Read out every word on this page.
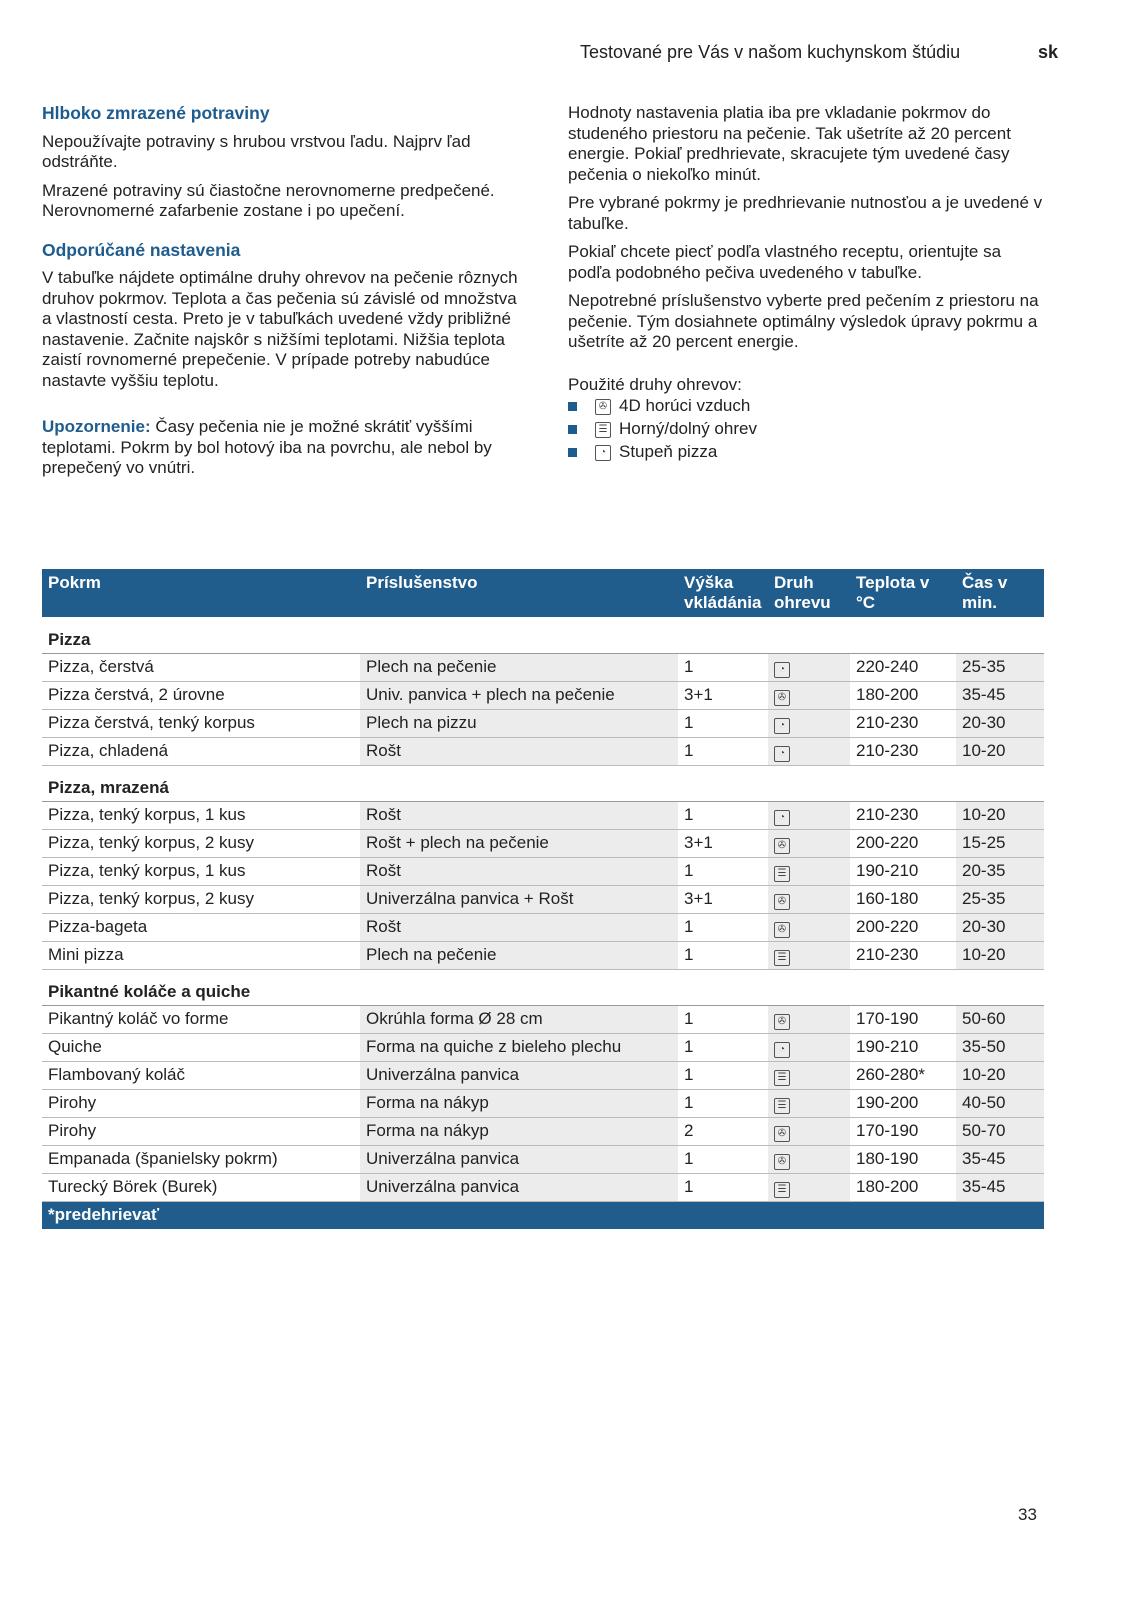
Testované pre Vás v našom kuchynskom štúdiu	sk
Hlboko zmrazené potraviny

Nepoužívajte potraviny s hrubou vrstvou ľadu. Najprv ľad odstráňte.

Mrazené potraviny sú čiastočne nerovnomerne predpečené. Nerovnomerné zafarbenie zostane i po upečení.

Odporúčané nastavenia

V tabuľke nájdete optimálne druhy ohrevov na pečenie rôznych druhov pokrmov. Teplota a čas pečenia sú závislé od množstva a vlastností cesta. Preto je v tabuľkách uvedené vždy približné nastavenie. Začnite najskôr s nižšími teplotami. Nižšia teplota zaistí rovnomerné prepečenie. V prípade potreby nabudúce nastavte vyššiu teplotu.

Upozornenie: Časy pečenia nie je možné skrátiť vyššími teplotami. Pokrm by bol hotový iba na povrchu, ale nebol by prepečený vo vnútri.

Hodnoty nastavenia platia iba pre vkladanie pokrmov do studeného priestoru na pečenie. Tak ušetríte až 20 percent energie. Pokiaľ predhrievate, skracujete tým uvedené časy pečenia o niekoľko minút.

Pre vybrané pokrmy je predhrievanie nutnosťou a je uvedené v tabuľke.

Pokiaľ chcete piecť podľa vlastného receptu, orientujte sa podľa podobného pečiva uvedeného v tabuľke.

Nepotrebné príslušenstvo vyberte pred pečením z priestoru na pečenie. Tým dosiahnete optimálny výsledok úpravy pokrmu a ušetríte až 20 percent energie.

Použité druhy ohrevov:
✇ 4D horúci vzduch
☰ Horný/dolný ohrev
◔ Stupeň pizza
Pokrm	Príslušenstvo	Výška vkládánia	Druh ohrevu	Teplota v °C	Čas v min.
Pizza					
Pizza, čerstvá	Plech na pečenie	1	◔	220-240	25-35
Pizza čerstvá, 2 úrovne	Univ. panvica + plech na pečenie	3+1	✇	180-200	35-45
Pizza čerstvá, tenký korpus	Plech na pizzu	1	◔	210-230	20-30
Pizza, chladená	Rošt	1	◔	210-230	10-20
Pizza, mrazená					
Pizza, tenký korpus, 1 kus	Rošt	1	◔	210-230	10-20
Pizza, tenký korpus, 2 kusy	Rošt + plech na pečenie	3+1	✇	200-220	15-25
Pizza, tenký korpus, 1 kus	Rošt	1	☰	190-210	20-35
Pizza, tenký korpus, 2 kusy	Univerzálna panvica + Rošt	3+1	✇	160-180	25-35
Pizza-bageta	Rošt	1	✇	200-220	20-30
Mini pizza	Plech na pečenie	1	☰	210-230	10-20
Pikantné koláče a quiche					
Pikantný koláč vo forme	Okrúhla forma Ø 28 cm	1	✇	170-190	50-60
Quiche	Forma na quiche z bieleho plechu	1	◔	190-210	35-50
Flambovaný koláč	Univerzálna panvica	1	☰	260-280*	10-20
Pirohy	Forma na nákyp	1	☰	190-200	40-50
Pirohy	Forma na nákyp	2	✇	170-190	50-70
Empanada (španielsky pokrm)	Univerzálna panvica	1	✇	180-190	35-45
Turecký Börek (Burek)	Univerzálna panvica	1	☰	180-200	35-45
*predehrievať					
33
